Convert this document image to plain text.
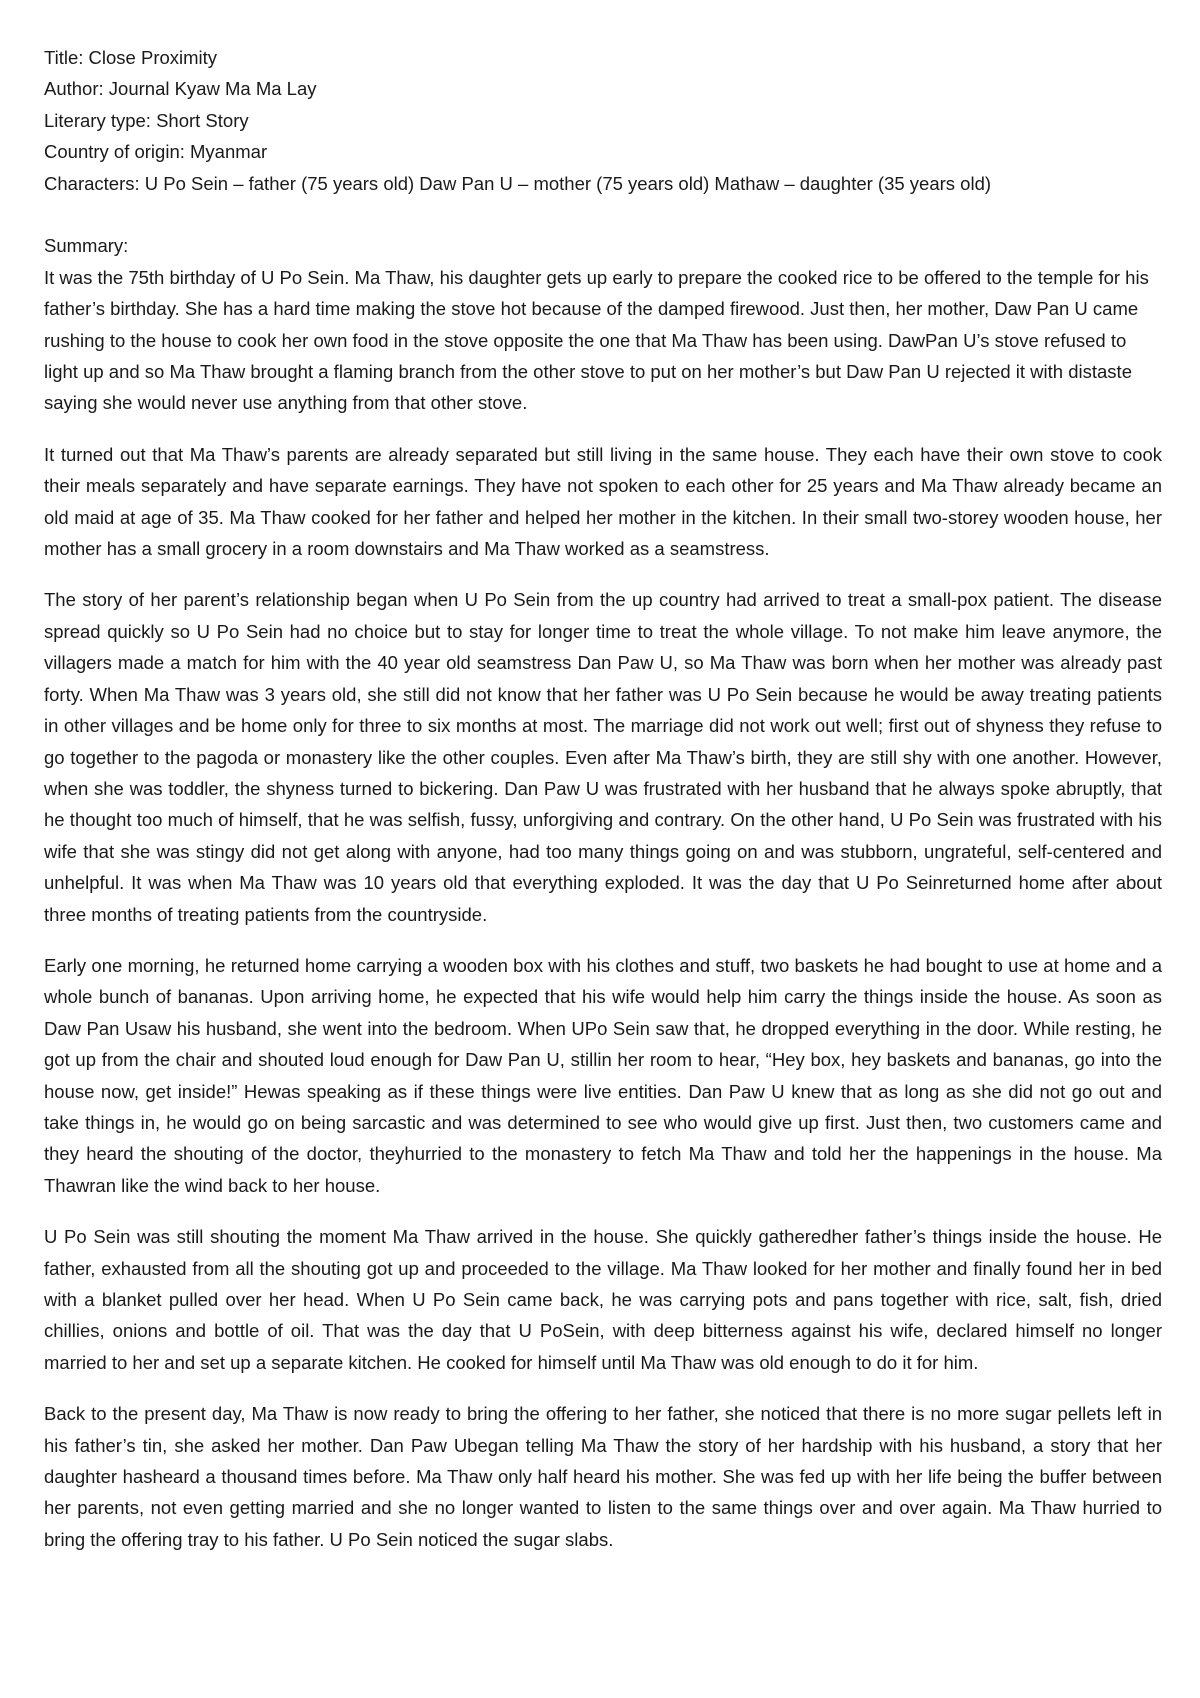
Title: Close Proximity

Author: Journal Kyaw Ma Ma Lay

Literary type: Short Story

Country of origin: Myanmar

Characters: U Po Sein – father (75 years old) Daw Pan U – mother (75 years old) Mathaw – daughter (35 years old)

Summary:

It was the 75th birthday of U Po Sein. Ma Thaw, his daughter gets up early to prepare the cooked rice to be offered to the temple for his father’s birthday. She has a hard time making the stove hot because of the damped firewood. Just then, her mother, Daw Pan U came rushing to the house to cook her own food in the stove opposite the one that Ma Thaw has been using. DawPan U’s stove refused to light up and so Ma Thaw brought a flaming branch from the other stove to put on her mother’s but Daw Pan U rejected it with distaste saying she would never use anything from that other stove.

It turned out that Ma Thaw’s parents are already separated but still living in the same house. They each have their own stove to cook their meals separately and have separate earnings. They have not spoken to each other for 25 years and Ma Thaw already became an old maid at age of 35. Ma Thaw cooked for her father and helped her mother in the kitchen. In their small two-storey wooden house, her mother has a small grocery in a room downstairs and Ma Thaw worked as a seamstress.

The story of her parent’s relationship began when U Po Sein from the up country had arrived to treat a small-pox patient. The disease spread quickly so U Po Sein had no choice but to stay for longer time to treat the whole village. To not make him leave anymore, the villagers made a match for him with the 40 year old seamstress Dan Paw U, so Ma Thaw was born when her mother was already past forty. When Ma Thaw was 3 years old, she still did not know that her father was U Po Sein because he would be away treating patients in other villages and be home only for three to six months at most. The marriage did not work out well; first out of shyness they refuse to go together to the pagoda or monastery like the other couples. Even after Ma Thaw’s birth, they are still shy with one another. However, when she was toddler, the shyness turned to bickering. Dan Paw U was frustrated with her husband that he always spoke abruptly, that he thought too much of himself, that he was selfish, fussy, unforgiving and contrary. On the other hand, U Po Sein was frustrated with his wife that she was stingy did not get along with anyone, had too many things going on and was stubborn, ungrateful, self-centered and unhelpful. It was when Ma Thaw was 10 years old that everything exploded. It was the day that U Po Seinreturned home after about three months of treating patients from the countryside.

Early one morning, he returned home carrying a wooden box with his clothes and stuff, two baskets he had bought to use at home and a whole bunch of bananas. Upon arriving home, he expected that his wife would help him carry the things inside the house. As soon as Daw Pan Usaw his husband, she went into the bedroom. When UPo Sein saw that, he dropped everything in the door. While resting, he got up from the chair and shouted loud enough for Daw Pan U, stillin her room to hear, “Hey box, hey baskets and bananas, go into the house now, get inside!” Hewas speaking as if these things were live entities. Dan Paw U knew that as long as she did not go out and take things in, he would go on being sarcastic and was determined to see who would give up first. Just then, two customers came and they heard the shouting of the doctor, theyhurried to the monastery to fetch Ma Thaw and told her the happenings in the house. Ma Thawran like the wind back to her house.

U Po Sein was still shouting the moment Ma Thaw arrived in the house. She quickly gatheredher father’s things inside the house. He father, exhausted from all the shouting got up and proceeded to the village. Ma Thaw looked for her mother and finally found her in bed with a blanket pulled over her head. When U Po Sein came back, he was carrying pots and pans together with rice, salt, fish, dried chillies, onions and bottle of oil. That was the day that U PoSein, with deep bitterness against his wife, declared himself no longer married to her and set up a separate kitchen. He cooked for himself until Ma Thaw was old enough to do it for him.

Back to the present day, Ma Thaw is now ready to bring the offering to her father, she noticed that there is no more sugar pellets left in his father’s tin, she asked her mother. Dan Paw Ubegan telling Ma Thaw the story of her hardship with his husband, a story that her daughter hasheard a thousand times before. Ma Thaw only half heard his mother. She was fed up with her life being the buffer between her parents, not even getting married and she no longer wanted to listen to the same things over and over again. Ma Thaw hurried to bring the offering tray to his father. U Po Sein noticed the sugar slabs.
